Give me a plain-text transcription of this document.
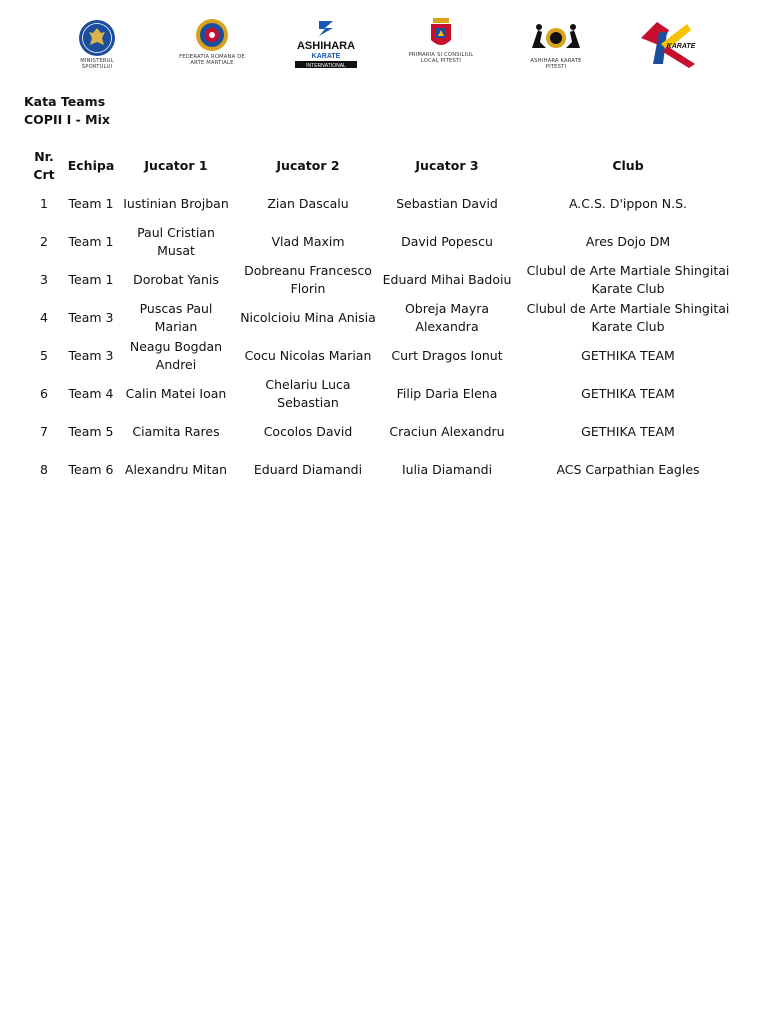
MINISTERUL SPORTULUI
FEDERATIA ROMANA DE ARTE MARTIALE
ASHIHARA
KARATE
INTERNATIONAL
PRIMARIA SI CONSILIUL LOCAL PITESTI	ASHIHARA KARATE PITESTI
KARATE
Kata Teams
COPII I - Mix
Nr.
Crt	Echipa	Jucator 1	Jucator 2	Jucator 3	Club
1	Team 1	Iustinian Brojban	Zian Dascalu	Sebastian David	A.C.S. D'ippon N.S.
2	Team 1	Paul Cristian Musat	Vlad Maxim	David Popescu	Ares Dojo DM
3	Team 1	Dorobat Yanis	Dobreanu Francesco Florin	Eduard Mihai Badoiu	Clubul de Arte Martiale Shingitai Karate Club
4	Team 3	Puscas Paul Marian	Nicolcioiu Mina Anisia	Obreja Mayra Alexandra	Clubul de Arte Martiale Shingitai Karate Club
5	Team 3	Neagu Bogdan Andrei	Cocu Nicolas Marian	Curt Dragos Ionut	GETHIKA TEAM
6	Team 4	Calin Matei Ioan	Chelariu Luca Sebastian	Filip Daria Elena	GETHIKA TEAM
7	Team 5	Ciamita Rares	Cocolos David	Craciun Alexandru	GETHIKA TEAM
8	Team 6	Alexandru Mitan	Eduard Diamandi	Iulia Diamandi	ACS Carpathian Eagles
